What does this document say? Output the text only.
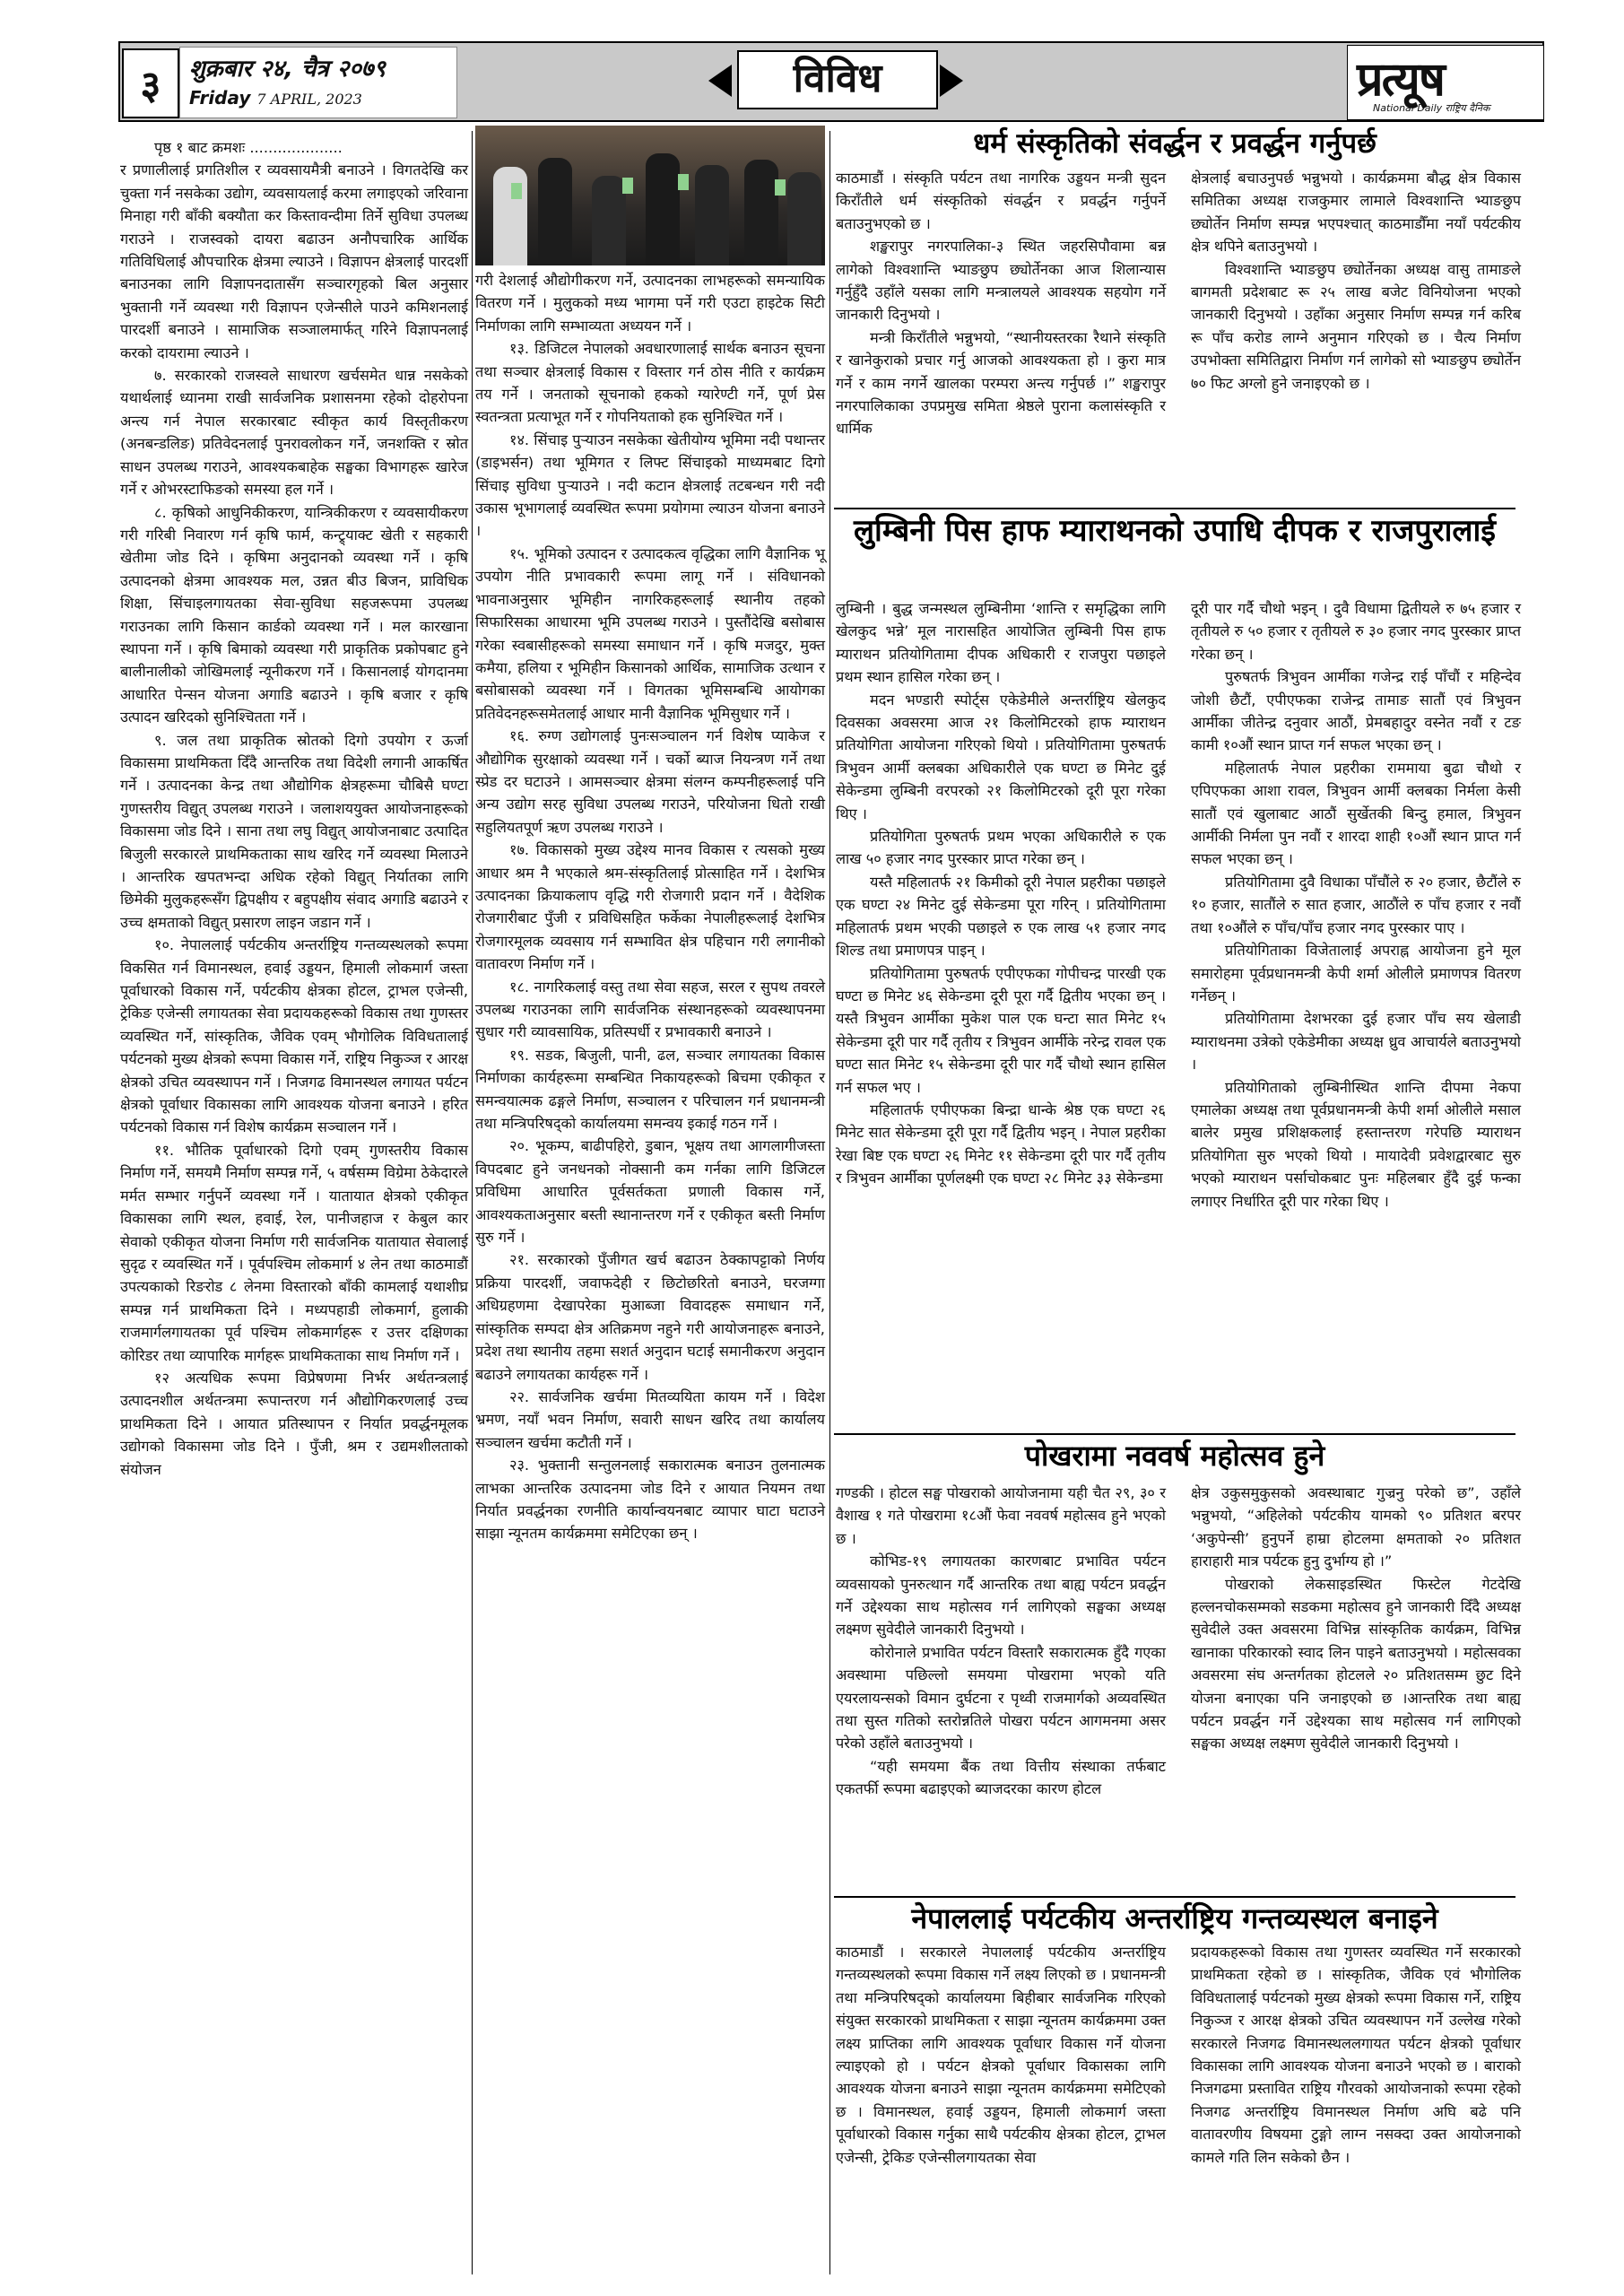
३	शुक्रबार २४, चैत्र २०७९
Friday 7 APRIL, 2023	विविध	प्रत्यूष
National Daily राष्ट्रिय दैनिक

पृष्ठ १ बाट क्रमशः ....................

र प्रणालीलाई प्रगतिशील र व्यवसायमैत्री बनाउने । विगतदेखि कर चुक्ता गर्न नसकेका उद्योग, व्यवसायलाई करमा लगाइएको जरिवाना मिनाहा गरी बाँकी बक्यौता कर किस्तावन्दीमा तिर्ने सुविधा उपलब्ध गराउने । राजस्वको दायरा बढाउन अनौपचारिक आर्थिक गतिविधिलाई औपचारिक क्षेत्रमा ल्याउने । विज्ञापन क्षेत्रलाई पारदर्शी बनाउनका लागि विज्ञापनदातासँग सञ्चारगृहको बिल अनुसार भुक्तानी गर्ने व्यवस्था गरी विज्ञापन एजेन्सीले पाउने कमिशनलाई पारदर्शी बनाउने । सामाजिक सञ्जालमार्फत् गरिने विज्ञापनलाई करको दायरामा ल्याउने ।

७. सरकारको राजस्वले साधारण खर्चसमेत धान्न नसकेको यथार्थलाई ध्यानमा राखी सार्वजनिक प्रशासनमा रहेको दोहरोपना अन्त्य गर्न नेपाल सरकारबाट स्वीकृत कार्य विस्तृतीकरण (अनबन्डलिङ) प्रतिवेदनलाई पुनरावलोकन गर्ने, जनशक्ति र स्रोत साधन उपलब्ध गराउने, आवश्यकबाहेक सङ्घका विभागहरू खारेज गर्ने र ओभरस्टाफिङको समस्या हल गर्ने ।

८. कृषिको आधुनिकीकरण, यान्त्रिकीकरण र व्यवसायीकरण गरी गरिबी निवारण गर्न कृषि फार्म, कन्ट्र्याक्ट खेती र सहकारी खेतीमा जोड दिने । कृषिमा अनुदानको व्यवस्था गर्ने । कृषि उत्पादनको क्षेत्रमा आवश्यक मल, उन्नत बीउ बिजन, प्राविधिक शिक्षा, सिंचाइलगायतका सेवा-सुविधा सहजरूपमा उपलब्ध गराउनका लागि किसान कार्डको व्यवस्था गर्ने । मल कारखाना स्थापना गर्ने । कृषि बिमाको व्यवस्था गरी प्राकृतिक प्रकोपबाट हुने बालीनालीको जोखिमलाई न्यूनीकरण गर्ने । किसानलाई योगदानमा आधारित पेन्सन योजना अगाडि बढाउने । कृषि बजार र कृषि उत्पादन खरिदको सुनिश्चितता गर्ने ।

९. जल तथा प्राकृतिक स्रोतको दिगो उपयोग र ऊर्जा विकासमा प्राथमिकता दिँदै आन्तरिक तथा विदेशी लगानी आकर्षित गर्ने । उत्पादनका केन्द्र तथा औद्योगिक क्षेत्रहरूमा चौबिसै घण्टा गुणस्तरीय विद्युत् उपलब्ध गराउने । जलाशययुक्त आयोजनाहरूको विकासमा जोड दिने । साना तथा लघु विद्युत् आयोजनाबाट उत्पादित बिजुली सरकारले प्राथमिकताका साथ खरिद गर्ने व्यवस्था मिलाउने । आन्तरिक खपतभन्दा अधिक रहेको विद्युत् निर्यातका लागि छिमेकी मुलुकहरूसँग द्विपक्षीय र बहुपक्षीय संवाद अगाडि बढाउने र उच्च क्षमताको विद्युत् प्रसारण लाइन जडान गर्ने ।

१०. नेपाललाई पर्यटकीय अन्तर्राष्ट्रिय गन्तव्यस्थलको रूपमा विकसित गर्न विमानस्थल, हवाई उड्डयन, हिमाली लोकमार्ग जस्ता पूर्वाधारको विकास गर्ने, पर्यटकीय क्षेत्रका होटल, ट्राभल एजेन्सी, ट्रेकिङ एजेन्सी लगायतका सेवा प्रदायकहरूको विकास तथा गुणस्तर व्यवस्थित गर्ने, सांस्कृतिक, जैविक एवम् भौगोलिक विविधतालाई पर्यटनको मुख्य क्षेत्रको रूपमा विकास गर्ने, राष्ट्रिय निकुञ्ज र आरक्ष क्षेत्रको उचित व्यवस्थापन गर्ने । निजगढ विमानस्थल लगायत पर्यटन क्षेत्रको पूर्वाधार विकासका लागि आवश्यक योजना बनाउने । हरित पर्यटनको विकास गर्न विशेष कार्यक्रम सञ्चालन गर्ने ।

११. भौतिक पूर्वाधारको दिगो एवम् गुणस्तरीय विकास निर्माण गर्ने, समयमै निर्माण सम्पन्न गर्ने, ५ वर्षसम्म विग्रेमा ठेकेदारले मर्मत सम्भार गर्नुपर्ने व्यवस्था गर्ने । यातायात क्षेत्रको एकीकृत विकासका लागि स्थल, हवाई, रेल, पानीजहाज र केबुल कार सेवाको एकीकृत योजना निर्माण गरी सार्वजनिक यातायात सेवालाई सुदृढ र व्यवस्थित गर्ने । पूर्वपश्चिम लोकमार्ग ४ लेन तथा काठमाडौं उपत्यकाको रिङरोड ८ लेनमा विस्तारको बाँकी कामलाई यथाशीघ्र सम्पन्न गर्न प्राथमिकता दिने । मध्यपहाडी लोकमार्ग, हुलाकी राजमार्गलगायतका पूर्व पश्चिम लोकमार्गहरू र उत्तर दक्षिणका कोरिडर तथा व्यापारिक मार्गहरू प्राथमिकताका साथ निर्माण गर्ने ।

१२ अत्यधिक रूपमा विप्रेषणमा निर्भर अर्थतन्त्रलाई उत्पादनशील अर्थतन्त्रमा रूपान्तरण गर्न औद्योगिकरणलाई उच्च प्राथमिकता दिने । आयात प्रतिस्थापन र निर्यात प्रवर्द्धनमूलक उद्योगको विकासमा जोड दिने । पुँजी, श्रम र उद्यमशीलताको संयोजन

गरी देशलाई औद्योगीकरण गर्ने, उत्पादनका लाभहरूको समन्यायिक वितरण गर्ने । मुलुकको मध्य भागमा पर्ने गरी एउटा हाइटेक सिटी निर्माणका लागि सम्भाव्यता अध्ययन गर्ने ।

१३. डिजिटल नेपालको अवधारणालाई सार्थक बनाउन सूचना तथा सञ्चार क्षेत्रलाई विकास र विस्तार गर्न ठोस नीति र कार्यक्रम तय गर्ने । जनताको सूचनाको हकको ग्यारेण्टी गर्ने, पूर्ण प्रेस स्वतन्त्रता प्रत्याभूत गर्ने र गोपनियताको हक सुनिश्चित गर्ने ।

१४. सिंचाइ पुऱ्याउन नसकेका खेतीयोग्य भूमिमा नदी पथान्तर (डाइभर्सन) तथा भूमिगत र लिफ्ट सिंचाइको माध्यमबाट दिगो सिंचाइ सुविधा पुऱ्याउने । नदी कटान क्षेत्रलाई तटबन्धन गरी नदी उकास भूभागलाई व्यवस्थित रूपमा प्रयोगमा ल्याउन योजना बनाउने ।

१५. भूमिको उत्पादन र उत्पादकत्व वृद्धिका लागि वैज्ञानिक भू उपयोग नीति प्रभावकारी रूपमा लागू गर्ने । संविधानको भावनाअनुसार भूमिहीन नागरिकहरूलाई स्थानीय तहको सिफारिसका आधारमा भूमि उपलब्ध गराउने । पुस्तौंदेखि बसोबास गरेका स्वबासीहरूको समस्या समाधान गर्ने । कृषि मजदुर, मुक्त कमैया, हलिया र भूमिहीन किसानको आर्थिक, सामाजिक उत्थान र बसोबासको व्यवस्था गर्ने । विगतका भूमिसम्बन्धि आयोगका प्रतिवेदनहरूसमेतलाई आधार मानी वैज्ञानिक भूमिसुधार गर्ने ।

१६. रुग्ण उद्योगलाई पुनःसञ्चालन गर्न विशेष प्याकेज र औद्योगिक सुरक्षाको व्यवस्था गर्ने । चर्को ब्याज नियन्त्रण गर्ने तथा स्प्रेड दर घटाउने । आमसञ्चार क्षेत्रमा संलग्न कम्पनीहरूलाई पनि अन्य उद्योग सरह सुविधा उपलब्ध गराउने, परियोजना धितो राखी सहुलियतपूर्ण ऋण उपलब्ध गराउने ।

१७. विकासको मुख्य उद्देश्य मानव विकास र त्यसको मुख्य आधार श्रम नै भएकाले श्रम-संस्कृतिलाई प्रोत्साहित गर्ने । देशभित्र उत्पादनका क्रियाकलाप वृद्धि गरी रोजगारी प्रदान गर्ने । वैदेशिक रोजगारीबाट पुँजी र प्रविधिसहित फर्केका नेपालीहरूलाई देशभित्र रोजगारमूलक व्यवसाय गर्न सम्भावित क्षेत्र पहिचान गरी लगानीको वातावरण निर्माण गर्ने ।

१८. नागरिकलाई वस्तु तथा सेवा सहज, सरल र सुपथ तवरले उपलब्ध गराउनका लागि सार्वजनिक संस्थानहरूको व्यवस्थापनमा सुधार गरी व्यावसायिक, प्रतिस्पर्धी र प्रभावकारी बनाउने ।

१९. सडक, बिजुली, पानी, ढल, सञ्चार लगायतका विकास निर्माणका कार्यहरूमा सम्बन्धित निकायहरूको बिचमा एकीकृत र समन्वयात्मक ढङ्गले निर्माण, सञ्चालन र परिचालन गर्न प्रधानमन्त्री तथा मन्त्रिपरिषद्को कार्यालयमा समन्वय इकाई गठन गर्ने ।

२०. भूकम्प, बाढीपहिरो, डुबान, भूक्षय तथा आगलागीजस्ता विपदबाट हुने जनधनको नोक्सानी कम गर्नका लागि डिजिटल प्रविधिमा आधारित पूर्वसर्तकता प्रणाली विकास गर्ने, आवश्यकताअनुसार बस्ती स्थानान्तरण गर्ने र एकीकृत बस्ती निर्माण सुरु गर्ने ।

२१. सरकारको पुँजीगत खर्च बढाउन ठेक्कापट्टाको निर्णय प्रक्रिया पारदर्शी, जवाफदेही र छिटोछरितो बनाउने, घरजग्गा अधिग्रहणमा देखापरेका मुआब्जा विवादहरू समाधान गर्ने, सांस्कृतिक सम्पदा क्षेत्र अतिक्रमण नहुने गरी आयोजनाहरू बनाउने, प्रदेश तथा स्थानीय तहमा सशर्त अनुदान घटाई समानीकरण अनुदान बढाउने लगायतका कार्यहरू गर्ने ।

२२. सार्वजनिक खर्चमा मितव्ययिता कायम गर्ने । विदेश भ्रमण, नयाँ भवन निर्माण, सवारी साधन खरिद तथा कार्यालय सञ्चालन खर्चमा कटौती गर्ने ।

२३. भुक्तानी सन्तुलनलाई सकारात्मक बनाउन तुलनात्मक लाभका आन्तरिक उत्पादनमा जोड दिने र आयात नियमन तथा निर्यात प्रवर्द्धनका रणनीति कार्यान्वयनबाट व्यापार घाटा घटाउने साझा न्यूनतम कार्यक्रममा समेटिएका छन् ।

धर्म संस्कृतिको संवर्द्धन र प्रवर्द्धन गर्नुपर्छ

काठमाडौं । संस्कृति पर्यटन तथा नागरिक उड्डयन मन्त्री सुदन किराँतीले धर्म संस्कृतिको संवर्द्धन र प्रवर्द्धन गर्नुपर्ने बताउनुभएको छ ।

शङ्खरापुर नगरपालिका-३ स्थित जहरसिपौवामा बन्न लागेको विश्वशान्ति भ्याङछुप छ्योर्तेनका आज शिलान्यास गर्नुहुँदै उहाँले यसका लागि मन्त्रालयले आवश्यक सहयोग गर्ने जानकारी दिनुभयो ।

मन्त्री किराँतीले भन्नुभयो, “स्थानीयस्तरका रैथाने संस्कृति र खानेकुराको प्रचार गर्नु आजको आवश्यकता हो । कुरा मात्र गर्ने र काम नगर्ने खालका परम्परा अन्त्य गर्नुपर्छ ।” शङ्खरापुर नगरपालिकाका उपप्रमुख समिता श्रेष्ठले पुराना कलासंस्कृति र धार्मिक

क्षेत्रलाई बचाउनुपर्छ भन्नुभयो । कार्यक्रममा बौद्ध क्षेत्र विकास समितिका अध्यक्ष राजकुमार लामाले विश्वशान्ति भ्याङछुप छ्योर्तेन निर्माण सम्पन्न भएपश्चात् काठमाडौँमा नयाँ पर्यटकीय क्षेत्र थपिने बताउनुभयो ।

विश्वशान्ति भ्याङछुप छ्योर्तेनका अध्यक्ष वासु तामाङले बागमती प्रदेशबाट रू २५ लाख बजेट विनियोजना भएको जानकारी दिनुभयो । उहाँका अनुसार निर्माण सम्पन्न गर्न करिब रू पाँच करोड लाग्ने अनुमान गरिएको छ । चैत्य निर्माण उपभोक्ता समितिद्वारा निर्माण गर्न लागेको सो भ्याङछुप छ्योर्तेन ७० फिट अग्लो हुने जनाइएको छ ।

लुम्बिनी पिस हाफ म्याराथनको उपाधि दीपक र राजपुरालाई

लुम्बिनी । बुद्ध जन्मस्थल लुम्बिनीमा ‘शान्ति र समृद्धिका लागि खेलकुद भन्ने’ मूल नारासहित आयोजित लुम्बिनी पिस हाफ म्याराथन प्रतियोगितामा दीपक अधिकारी र राजपुरा पछाइले प्रथम स्थान हासिल गरेका छन् ।

मदन भण्डारी स्पोर्ट्स एकेडेमीले अन्तर्राष्ट्रिय खेलकुद दिवसका अवसरमा आज २१ किलोमिटरको हाफ म्याराथन प्रतियोगिता आयोजना गरिएको थियो । प्रतियोगितामा पुरुषतर्फ त्रिभुवन आर्मी क्लबका अधिकारीले एक घण्टा छ मिनेट दुई सेकेन्डमा लुम्बिनी वरपरको २१ किलोमिटरको दूरी पूरा गरेका थिए ।

प्रतियोगिता पुरुषतर्फ प्रथम भएका अधिकारीले रु एक लाख ५० हजार नगद पुरस्कार प्राप्त गरेका छन् ।

यस्तै महिलातर्फ २१ किमीको दूरी नेपाल प्रहरीका पछाइले एक घण्टा २४ मिनेट दुई सेकेन्डमा पूरा गरिन् । प्रतियोगितामा महिलातर्फ प्रथम भएकी पछाइले रु एक लाख ५१ हजार नगद शिल्ड तथा प्रमाणपत्र पाइन् ।

प्रतियोगितामा पुरुषतर्फ एपीएफका गोपीचन्द्र पारखी एक घण्टा छ मिनेट ४६ सेकेन्डमा दूरी पूरा गर्दै द्वितीय भएका छन् । यस्तै त्रिभुवन आर्मीका मुकेश पाल एक घन्टा सात मिनेट १५ सेकेन्डमा दूरी पार गर्दै तृतीय र त्रिभुवन आर्मीके नरेन्द्र रावल एक घण्टा सात मिनेट १५ सेकेन्डमा दूरी पार गर्दै चौथो स्थान हासिल गर्न सफल भए ।

महिलातर्फ एपीएफका बिन्द्रा धान्के श्रेष्ठ एक घण्टा २६ मिनेट सात सेकेन्डमा दूरी पूरा गर्दै द्वितीय भइन् । नेपाल प्रहरीका रेखा बिष्ट एक घण्टा २६ मिनेट ११ सेकेन्डमा दूरी पार गर्दै तृतीय र त्रिभुवन आर्मीका पूर्णलक्ष्मी एक घण्टा २८ मिनेट ३३ सेकेन्डमा

दूरी पार गर्दै चौथो भइन् । दुवै विधामा द्वितीयले रु ७५ हजार र तृतीयले रु ५० हजार र तृतीयले रु ३० हजार नगद पुरस्कार प्राप्त गरेका छन् ।

पुरुषतर्फ त्रिभुवन आर्मीका गजेन्द्र राई पाँचौं र महिन्देव जोशी छैटौं, एपीएफका राजेन्द्र तामाङ सातौं एवं त्रिभुवन आर्मीका जीतेन्द्र दनुवार आठौं, प्रेमबहादुर वस्नेत नवौं र टङ कामी १०औं स्थान प्राप्त गर्न सफल भएका छन् ।

महिलातर्फ नेपाल प्रहरीका राममाया बुढा चौथो र एपिएफका आशा रावल, त्रिभुवन आर्मी क्लबका निर्मला केसी सातौं एवं खुलाबाट आठौं सुर्खेतकी बिन्दु हमाल, त्रिभुवन आर्मीकी निर्मला पुन नवौं र शारदा शाही १०औं स्थान प्राप्त गर्न सफल भएका छन् ।

प्रतियोगितामा दुवै विधाका पाँचौंले रु २० हजार, छैटौंले रु १० हजार, सातौंले रु सात हजार, आठौंले रु पाँच हजार र नवौं तथा १०औंले रु पाँच/पाँच हजार नगद पुरस्कार पाए ।

प्रतियोगिताका विजेतालाई अपराह्न आयोजना हुने मूल समारोहमा पूर्वप्रधानमन्त्री केपी शर्मा ओलीले प्रमाणपत्र वितरण गर्नेछन् ।

प्रतियोगितामा देशभरका दुई हजार पाँच सय खेलाडी म्याराथनमा उत्रेको एकेडेमीका अध्यक्ष ध्रुव आचार्यले बताउनुभयो ।

प्रतियोगिताको लुम्बिनीस्थित शान्ति दीपमा नेकपा एमालेका अध्यक्ष तथा पूर्वप्रधानमन्त्री केपी शर्मा ओलीले मसाल बालेर प्रमुख प्रशिक्षकलाई हस्तान्तरण गरेपछि म्याराथन प्रतियोगिता सुरु भएको थियो । मायादेवी प्रवेशद्वारबाट सुरु भएको म्याराथन पर्साचोकबाट पुनः महिलबार हुँदै दुई फन्का लगाएर निर्धारित दूरी पार गरेका थिए ।

पोखरामा नववर्ष महोत्सव हुने

गण्डकी । होटल सङ्घ पोखराको आयोजनामा यही चैत २९, ३० र वैशाख १ गते पोखरामा १८औं फेवा नववर्ष महोत्सव हुने भएको छ ।

कोभिड-१९ लगायतका कारणबाट प्रभावित पर्यटन व्यवसायको पुनरुत्थान गर्दै आन्तरिक तथा बाह्य पर्यटन प्रवर्द्धन गर्ने उद्देश्यका साथ महोत्सव गर्न लागिएको सङ्घका अध्यक्ष लक्ष्मण सुवेदीले जानकारी दिनुभयो ।

कोरोनाले प्रभावित पर्यटन विस्तारै सकारात्मक हुँदै गएका अवस्थामा पछिल्लो समयमा पोखरामा भएको यति एयरलायन्सको विमान दुर्घटना र पृथ्वी राजमार्गको अव्यवस्थित तथा सुस्त गतिको स्तरोन्नतिले पोखरा पर्यटन आगमनमा असर परेको उहाँले बताउनुभयो ।

“यही समयमा बैंक तथा वित्तीय संस्थाका तर्फबाट एकतर्फी रूपमा बढाइएको ब्याजदरका कारण होटल

क्षेत्र उकुसमुकुसको अवस्थाबाट गुज्रनु परेको छ”, उहाँले भन्नुभयो, “अहिलेको पर्यटकीय यामको ९० प्रतिशत बरपर ‘अकुपेन्सी’ हुनुपर्ने हाम्रा होटलमा क्षमताको २० प्रतिशत हाराहारी मात्र पर्यटक हुनु दुर्भाग्य हो ।”

पोखराको लेकसाइडस्थित फिस्टेल गेटदेखि हल्लनचोकसम्मको सडकमा महोत्सव हुने जानकारी दिँदै अध्यक्ष सुवेदीले उक्त अवसरमा विभिन्न सांस्कृतिक कार्यक्रम, विभिन्न खानाका परिकारको स्वाद लिन पाइने बताउनुभयो । महोत्सवका अवसरमा संघ अन्तर्गतका होटलले २० प्रतिशतसम्म छुट दिने योजना बनाएका पनि जनाइएको छ ।आन्तरिक तथा बाह्य पर्यटन प्रवर्द्धन गर्ने उद्देश्यका साथ महोत्सव गर्न लागिएको सङ्घका अध्यक्ष लक्ष्मण सुवेदीले जानकारी दिनुभयो ।

नेपाललाई पर्यटकीय अन्तर्राष्ट्रिय गन्तव्यस्थल बनाइने

काठमाडौं । सरकारले नेपाललाई पर्यटकीय अन्तर्राष्ट्रिय गन्तव्यस्थलको रूपमा विकास गर्ने लक्ष्य लिएको छ । प्रधानमन्त्री तथा मन्त्रिपरिषद्को कार्यालयमा बिहीबार सार्वजनिक गरिएको संयुक्त सरकारको प्राथमिकता र साझा न्यूनतम कार्यक्रममा उक्त लक्ष्य प्राप्तिका लागि आवश्यक पूर्वाधार विकास गर्ने योजना ल्याइएको हो । पर्यटन क्षेत्रको पूर्वाधार विकासका लागि आवश्यक योजना बनाउने साझा न्यूनतम कार्यक्रममा समेटिएको छ । विमानस्थल, हवाई उड्डयन, हिमाली लोकमार्ग जस्ता पूर्वाधारको विकास गर्नुका साथै पर्यटकीय क्षेत्रका होटल, ट्राभल एजेन्सी, ट्रेकिङ एजेन्सीलगायतका सेवा

प्रदायकहरूको विकास तथा गुणस्तर व्यवस्थित गर्ने सरकारको प्राथमिकता रहेको छ । सांस्कृतिक, जैविक एवं भौगोलिक विविधतालाई पर्यटनको मुख्य क्षेत्रको रूपमा विकास गर्ने, राष्ट्रिय निकुञ्ज र आरक्ष क्षेत्रको उचित व्यवस्थापन गर्ने उल्लेख गरेको सरकारले निजगढ विमानस्थललगायत पर्यटन क्षेत्रको पूर्वाधार विकासका लागि आवश्यक योजना बनाउने भएको छ । बाराको निजगढमा प्रस्तावित राष्ट्रिय गौरवको आयोजनाको रूपमा रहेको निजगढ अन्तर्राष्ट्रिय विमानस्थल निर्माण अघि बढे पनि वातावरणीय विषयमा टुङ्गो लाग्न नसक्दा उक्त आयोजनाको कामले गति लिन सकेको छैन ।
